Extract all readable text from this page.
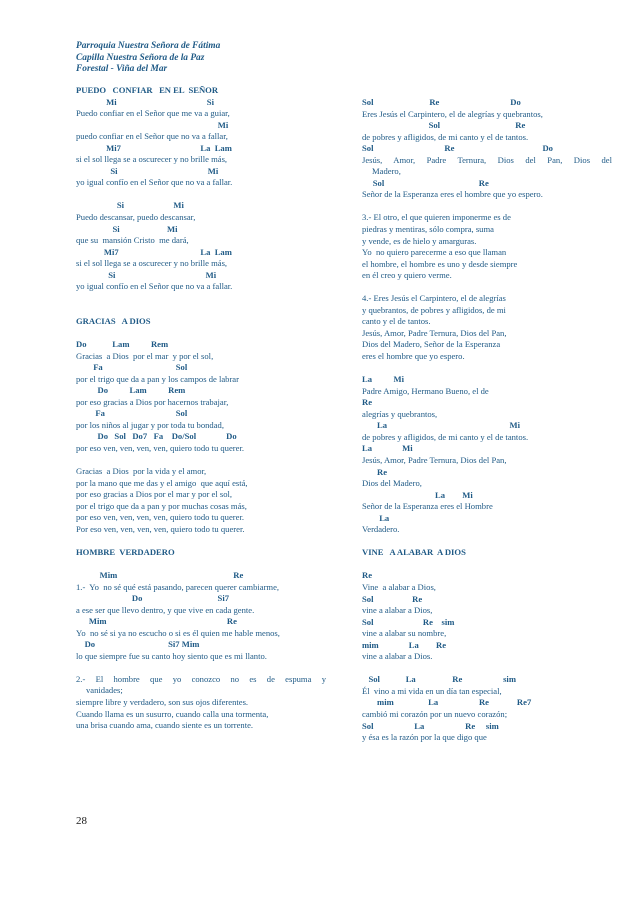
Parroquia Nuestra Señora de Fátima
Capilla Nuestra Señora de la Paz
Forestal - Viña del Mar
PUEDO   CONFIAR   EN EL  SEÑOR
Mi                                          Si
Puedo confiar en el Señor que me va a guiar,
Mi
puedo confiar en el Señor que no va a fallar,
Mi7                                     La  Lam
si el sol llega se a oscurecer y no brille más,
Si                                          Mi
yo igual confío en el Señor que no va a fallar.
Si                       Mi
Puedo descansar, puedo descansar,
Si                      Mi
que su  mansión Cristo  me dará,
Mi7                                      La  Lam
si el sol llega se a oscurecer y no brille más,
Si                                          Mi
yo igual confío en el Señor que no va a fallar.
GRACIAS   A DIOS
Do            Lam          Rem
Gracias  a Dios  por el mar  y por el sol,
Fa                                  Sol
por el trigo que da a pan y los campos de labrar
Do          Lam          Rem
por eso gracias a Dios por hacernos trabajar,
Fa                                 Sol
por los niños al jugar y por toda tu bondad,
Do   Sol   Do7   Fa    Do/Sol              Do
por eso ven, ven, ven, ven, quiero todo tu querer.
Gracias  a Dios  por la vida y el amor,
por la mano que me das y el amigo  que aquí está,
por eso gracias a Dios por el mar y por el sol,
por el trigo que da a pan y por muchas cosas más,
por eso ven, ven, ven, ven, quiero todo tu querer.
Por eso ven, ven, ven, ven, quiero todo tu querer.
HOMBRE  VERDADERO
Mim                                                      Re
1.-  Yo  no sé qué está pasando, parecen querer cambiarme,
Do                                   Si7
a ese ser que llevo dentro, y que vive en cada gente.
Mim                                                        Re
Yo  no sé si ya no escucho o si es él quien me hable menos,
Do                                  Si7 Mim
lo que siempre fue su canto hoy siento que es mi llanto.
2.- El hombre que yo conozco no es de espuma y
vanidades;
siempre libre y verdadero, son sus ojos diferentes.
Cuando llama es un susurro, cuando calla una tormenta,
una brisa cuando ama, cuando siente es un torrente.
Sol                          Re                                 Do
Eres Jesús el Carpintero, el de alegrías y quebrantos,
Sol                                   Re
de pobres y afligidos, de mi canto y el de tantos.
Sol                                 Re                                         Do
Jesús, Amor, Padre Ternura, Dios del Pan, Dios del
Madero,
Sol                                            Re
Señor de la Esperanza eres el hombre que yo espero.
3.- El otro, el que quieren imponerme es de
piedras y mentiras, sólo compra, suma
y vende, es de hielo y amarguras.
Yo  no quiero parecerme a eso que llaman
el hombre, el hombre es uno y desde siempre
en él creo y quiero verme.
4.- Eres Jesús el Carpintero, el de alegrías
y quebrantos, de pobres y afligidos, de mi
canto y el de tantos.
Jesús, Amor, Padre Ternura, Dios del Pan,
Dios del Madero, Señor de la Esperanza
eres el hombre que yo espero.
La          Mi
Padre Amigo, Hermano Bueno, el de
Re
alegrías y quebrantos,
La                                                         Mi
de pobres y afligidos, de mi canto y el de tantos.
La              Mi
Jesús, Amor, Padre Ternura, Dios del Pan,
Re
Dios del Madero,
La        Mi
Señor de la Esperanza eres el Hombre
La
Verdadero.
VINE   A ALABAR  A DIOS
Re
Vine  a alabar a Dios,
Sol                  Re
vine a alabar a Dios,
Sol                       Re    sim
vine a alabar su nombre,
mim              La        Re
vine a alabar a Dios.
Sol            La                 Re                   sim
Él  vino a mi vida en un día tan especial,
mim                La                   Re             Re7
cambió mi corazón por un nuevo corazón;
Sol                   La                   Re     sim
y ésa es la razón por la que digo que
28
